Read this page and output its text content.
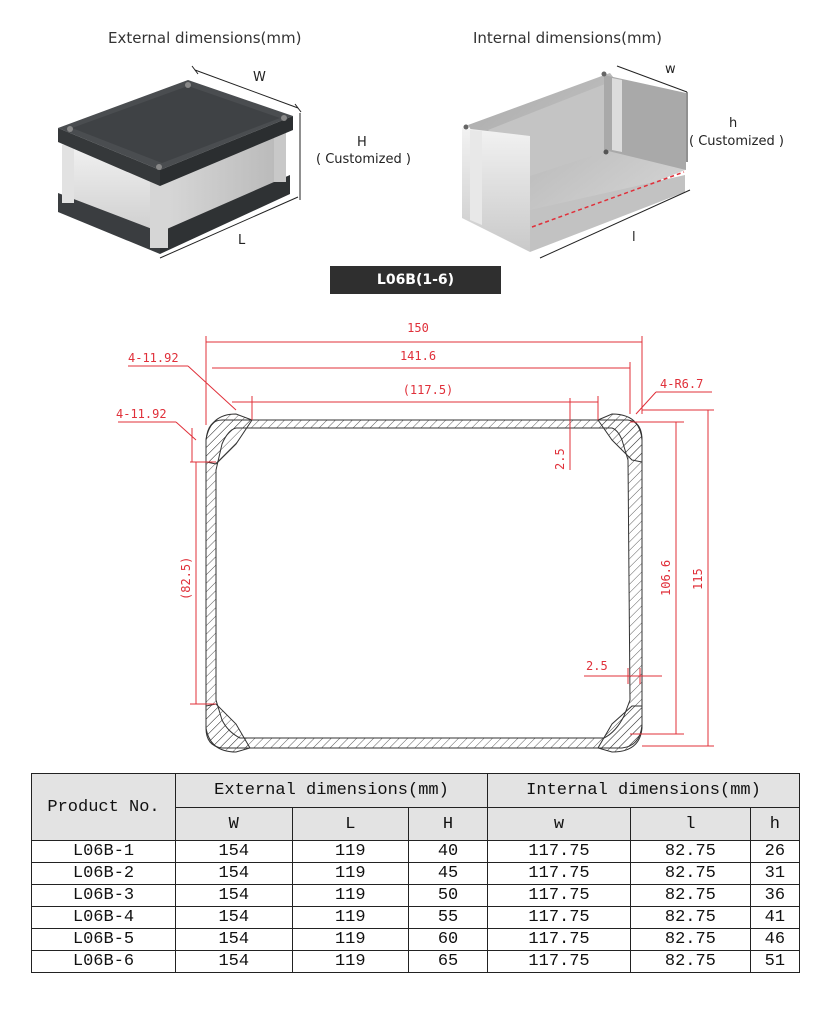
External dimensions(mm)	Internal dimensions(mm)
W
H
( Customized )
L
w
h
( Customized )
l
L06B(1-6)
150
141.6
(117.5)
4-11.92
4-11.92
4-R6.7
2.5
(82.5)	106.6 115
2.5
Product No.	External dimensions(mm)			Internal dimensions(mm)		
	W	L	H	w	l	h
L06B-1	154	119	40	117.75	82.75	26
L06B-2	154	119	45	117.75	82.75	31
L06B-3	154	119	50	117.75	82.75	36
L06B-4	154	119	55	117.75	82.75	41
L06B-5	154	119	60	117.75	82.75	46
L06B-6	154	119	65	117.75	82.75	51
